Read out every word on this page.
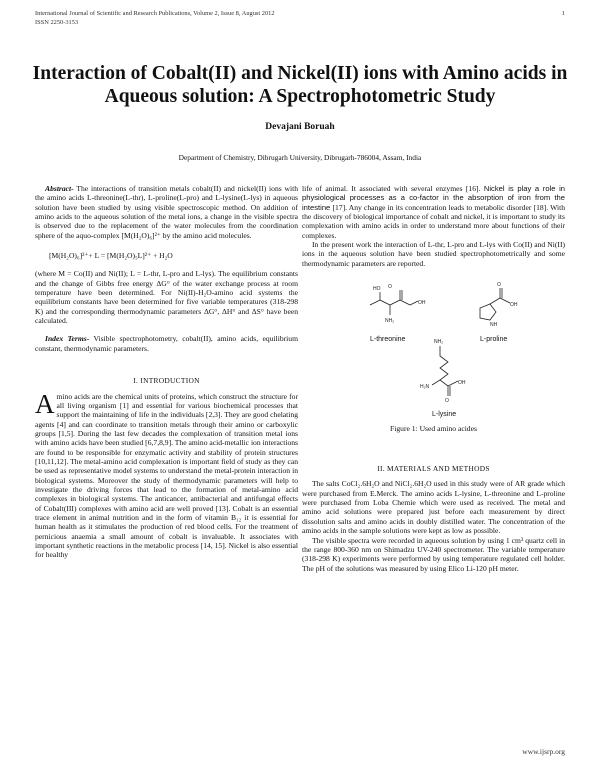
International Journal of Scientific and Research Publications, Volume 2, Issue 8, August 2012
ISSN 2250-3153
1
Interaction of Cobalt(II) and Nickel(II) ions with Amino acids in Aqueous solution: A Spectrophotometric Study
Devajani Boruah
Department of Chemistry, Dibrugarh University, Dibrugarh-786004, Assam, India

Abstract- The interactions of transition metals cobalt(II) and nickel(II) ions with the amino acids L-threonine(L-thr), L-proline(L-pro) and L-lysine(L-lys) in aqueous solution have been studied by using visible spectroscopic method. On addition of amino acids to the aqueous solution of the metal ions, a change in the visible spectra is observed due to the replacement of the water molecules from the coordination sphere of the aquo-complex [M(H₂O)₆]²⁺ by the amino acid molecules.

[M(H₂O)₆]²⁺+ L = [M(H₂O)₅L]²⁺ + H₂O

(where M = Co(II) and Ni(II); L = L-thr, L-pro and L-lys). The equilibrium constants and the change of Gibbs free energy ΔG° of the water exchange process at room temperature have been determined. For Ni(II)-H₂O-amino acid systems the equilibrium constants have been determined for five variable temperatures (318-298 K) and the corresponding thermodynamic parameters ΔG°, ΔH° and ΔS° have been calculated.

Index Terms- Visible spectrophotometry, cobalt(II), amino acids, equilibrium constant, thermodynamic parameters.

I. INTRODUCTION

Amino acids are the chemical units of proteins, which construct the structure for all living organism [1] and essential for various biochemical processes that support the maintaining of life in the individuals [2,3]. They are good chelating agents [4] and can coordinate to transition metals through their amino or carboxylic groups [1,5]. During the last few decades the complexation of transition metal ions with amino acids have been studied [6,7,8,9]. The amino acid-metallic ion interactions are found to be responsible for enzymatic activity and stability of protein structures [10,11,12]. The metal-amino acid complexation is important field of study as they can be used as representative model systems to understand the metal-protein interaction in biological systems. Moreover the study of thermodynamic parameters will help to investigate the driving forces that lead to the formation of metal-amino acid complexes in biological systems. The anticancer, antibacterial and antifungal effects of Cobalt(III) complexes with amino acid are well proved [13]. Cobalt is an essential trace element in animal nutrition and in the form of vitamin B₁₂ it is essential for human health as it stimulates the production of red blood cells. For the treatment of pernicious anaemia a small amount of cobalt is invaluable. It associates with important synthetic reactions in the metabolic process [14, 15]. Nickel is also essential for healthy

life of animal. It associated with several enzymes [16]. Nickel is play a role in physiological processes as a co-factor in the absorption of iron from the intestine [17]. Any change in its concentration leads to metabolic disorder [18]. With the discovery of biological importance of cobalt and nickel, it is important to study its complexation with amino acids in order to understand more about functions of their complexes.

In the present work the interaction of L-thr, L-pro and L-lys with Co(II) and Ni(II) ions in the aqueous solution have been studied spectrophotometrically and some thermodynamic parameters are reported.

O
HO
OH
NH₂
L-threonine
O
OH
NH
L-proline
NH₂
OH
O
H₂N
L-lysine
Figure 1: Used amino acides
II. MATERIALS AND METHODS

The salts CoCl₂.6H₂O and NiCl₂.6H₂O used in this study were of AR grade which were purchased from E.Merck. The amino acids L-lysine, L-threonine and L-proline were purchased from Loba Chemie which were used as received. The metal and amino acid solutions were prepared just before each measurement by direct dissolution salts and amino acids in doubly distilled water. The concentration of the amino acids in the sample solutions were kept as low as possible.

The visible spectra were recorded in aqueous solution by using 1 cm³ quartz cell in the range 800-360 nm on Shimadzu UV-240 spectrometer. The variable temperature (318-298 K) experiments were performed by using temperature regulated cell holder. The pH of the solutions was measured by using Elico Li-120 pH meter.

www.ijsrp.org
